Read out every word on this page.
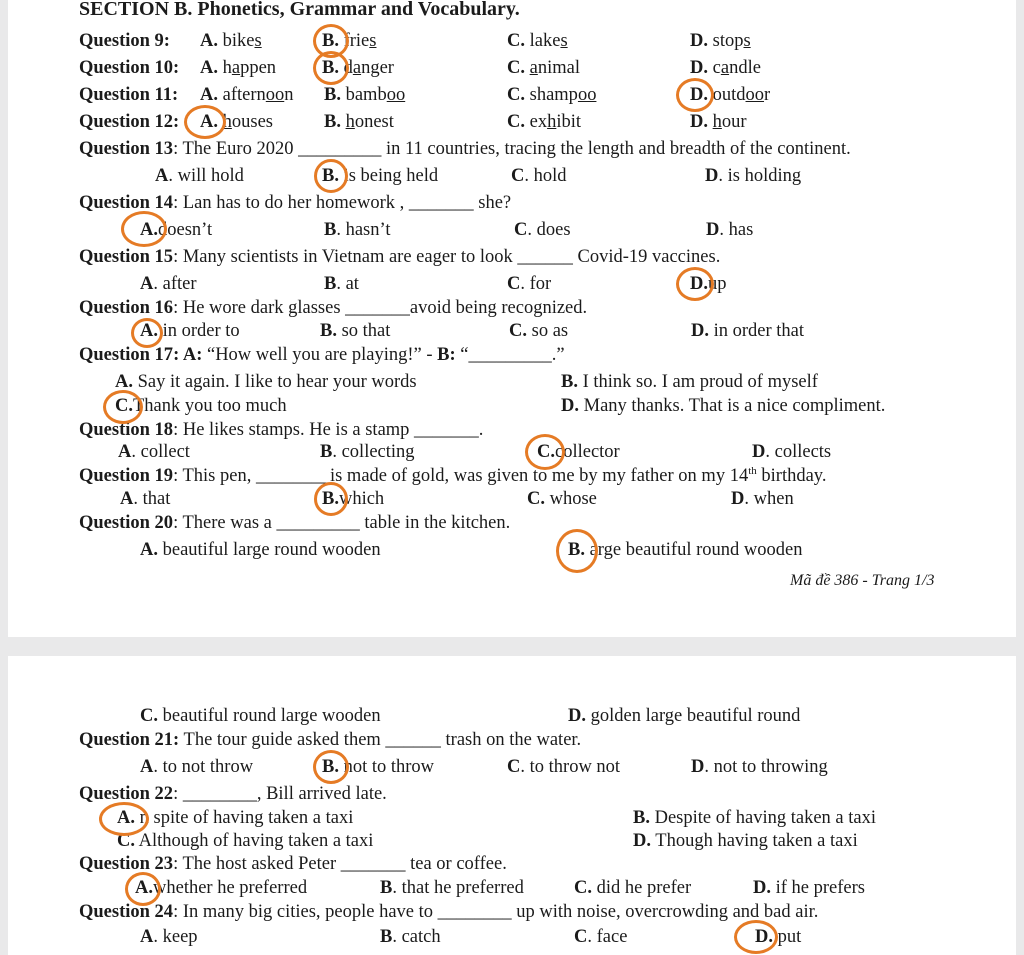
SECTION B. Phonetics, Grammar and Vocabulary.
Question 9: A. bikes	B. fries	C. lakes	D. stops
Question 10: A. happen B. danger	C. animal	D. candle
Question 11: A. afternoon B. bamboo	C. shampoo	D. outdoor
Question 12: A. houses	B. honest	C. exhibit	D. hour
Question 13: The Euro 2020 _________ in 11 countries, tracing the length and breadth of the continent.
A. will hold	B. is being held	C. hold	D. is holding
Question 14: Lan has to do her homework , _______ she?
A.doesn’t	B. hasn’t	C. does	D. has
Question 15: Many scientists in Vietnam are eager to look ______ Covid-19 vaccines.
A. after	B. at	C. for	D.up
Question 16: He wore dark glasses _______avoid being recognized.
A. in order to	B. so that	C. so as	D. in order that
Question 17: A: “How well you are playing!” - B: “_________.”
A. Say it again. I like to hear your words	B. I think so. I am proud of myself
C.Thank you too much	D. Many thanks. That is a nice compliment.
Question 18: He likes stamps. He is a stamp _______.
A. collect	B. collecting	C.collector	D. collects
Question 19: This pen, ________is made of gold, was given to me by my father on my 14th birthday.
A. that	B.which	C. whose	D. when
Question 20: There was a _________ table in the kitchen.
A. beautiful large round wooden	B. arge beautiful round wooden
Mã đề 386 - Trang 1/3
C. beautiful round large wooden	D. golden large beautiful round
Question 21: The tour guide asked them ______ trash on the water.
A. to not throw	B. not to throw	C. to throw not	D. not to throwing
Question 22: ________, Bill arrived late.
A. n spite of having taken a taxi	B. Despite of having taken a taxi
C. Although of having taken a taxi	D. Though having taken a taxi
Question 23: The host asked Peter _______ tea or coffee.
A.whether he preferred	B. that he preferred	C. did he prefer	D. if he prefers
Question 24: In many big cities, people have to ________ up with noise, overcrowding and bad air.
A. keep	B. catch	C. face	D. put
